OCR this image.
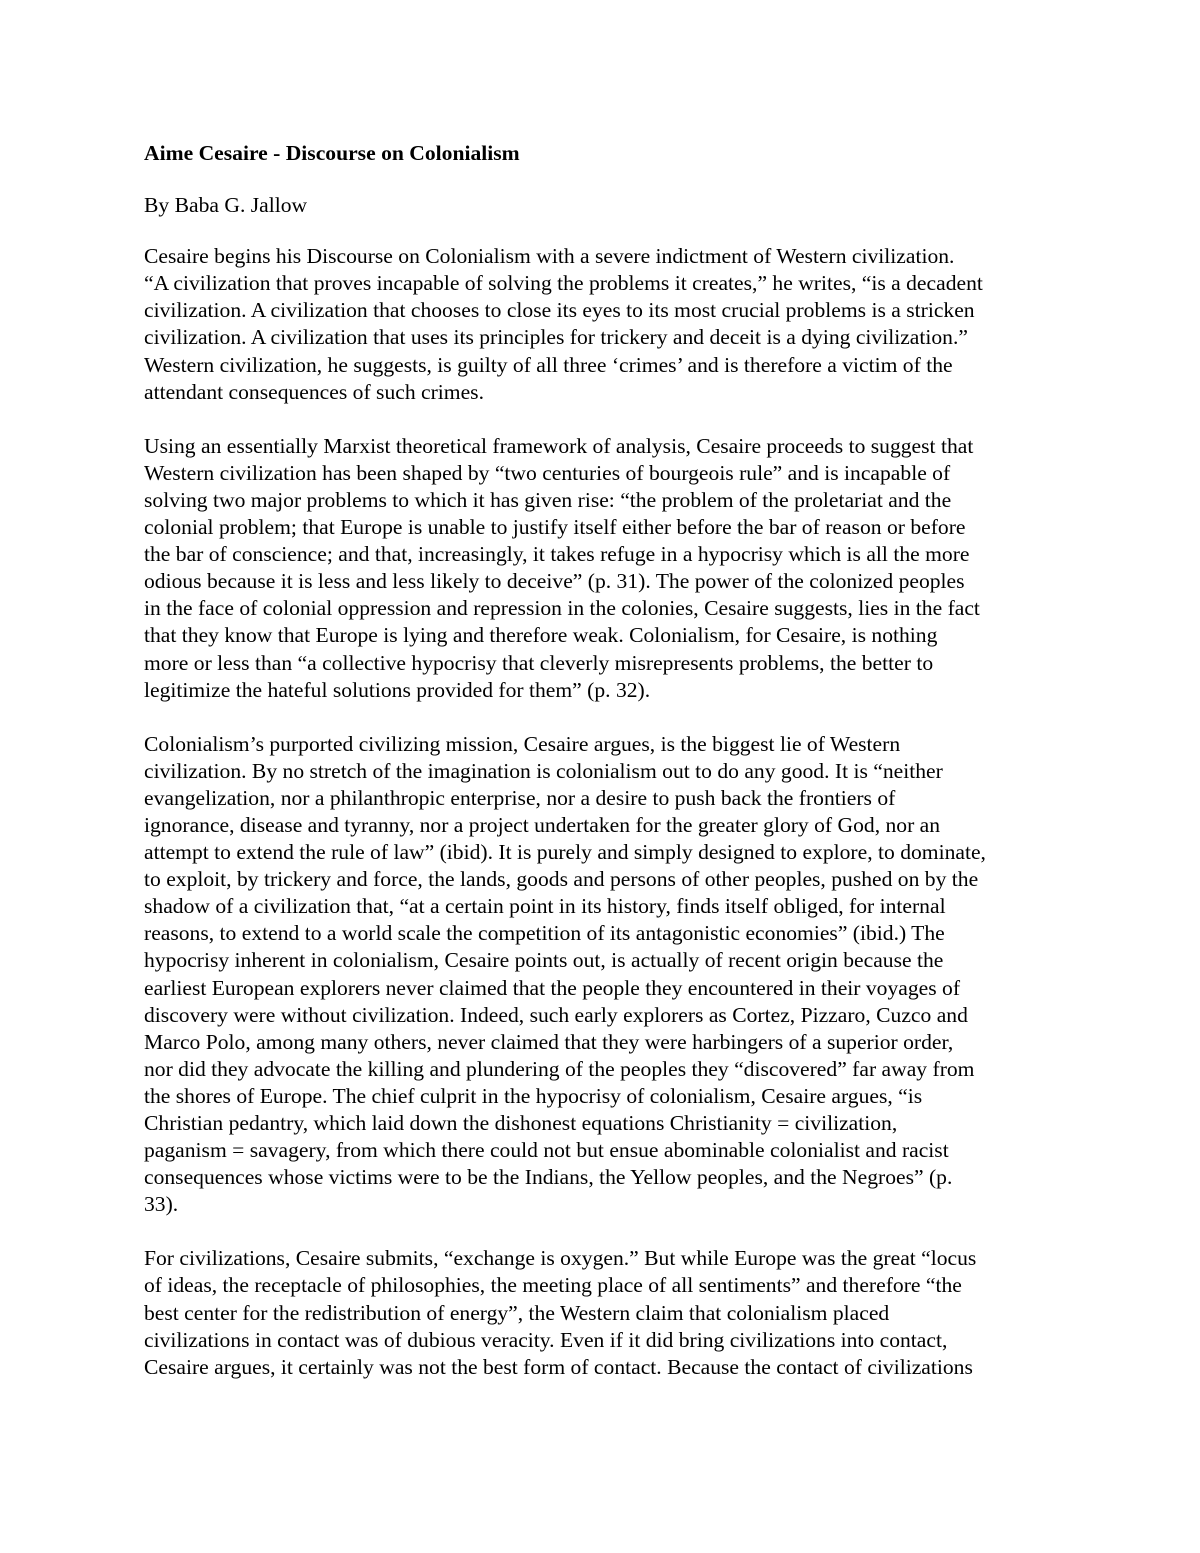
Aime Cesaire - Discourse on Colonialism
By Baba G. Jallow
Cesaire begins his Discourse on Colonialism with a severe indictment of Western civilization.
“A civilization that proves incapable of solving the problems it creates,” he writes, “is a decadent
civilization. A civilization that chooses to close its eyes to its most crucial problems is a stricken
civilization. A civilization that uses its principles for trickery and deceit is a dying civilization.”
Western civilization, he suggests, is guilty of all three ‘crimes’ and is therefore a victim of the
attendant consequences of such crimes.
Using an essentially Marxist theoretical framework of analysis, Cesaire proceeds to suggest that
Western civilization has been shaped by “two centuries of bourgeois rule” and is incapable of
solving two major problems to which it has given rise: “the problem of the proletariat and the
colonial problem; that Europe is unable to justify itself either before the bar of reason or before
the bar of conscience; and that, increasingly, it takes refuge in a hypocrisy which is all the more
odious because it is less and less likely to deceive” (p. 31). The power of the colonized peoples
in the face of colonial oppression and repression in the colonies, Cesaire suggests, lies in the fact
that they know that Europe is lying and therefore weak. Colonialism, for Cesaire, is nothing
more or less than “a collective hypocrisy that cleverly misrepresents problems, the better to
legitimize the hateful solutions provided for them” (p. 32).
Colonialism’s purported civilizing mission, Cesaire argues, is the biggest lie of Western
civilization. By no stretch of the imagination is colonialism out to do any good. It is “neither
evangelization, nor a philanthropic enterprise, nor a desire to push back the frontiers of
ignorance, disease and tyranny, nor a project undertaken for the greater glory of God, nor an
attempt to extend the rule of law” (ibid). It is purely and simply designed to explore, to dominate,
to exploit, by trickery and force, the lands, goods and persons of other peoples, pushed on by the
shadow of a civilization that, “at a certain point in its history, finds itself obliged, for internal
reasons, to extend to a world scale the competition of its antagonistic economies” (ibid.) The
hypocrisy inherent in colonialism, Cesaire points out, is actually of recent origin because the
earliest European explorers never claimed that the people they encountered in their voyages of
discovery were without civilization. Indeed, such early explorers as Cortez, Pizzaro, Cuzco and
Marco Polo, among many others, never claimed that they were harbingers of a superior order,
nor did they advocate the killing and plundering of the peoples they “discovered” far away from
the shores of Europe. The chief culprit in the hypocrisy of colonialism, Cesaire argues, “is
Christian pedantry, which laid down the dishonest equations Christianity = civilization,
paganism = savagery, from which there could not but ensue abominable colonialist and racist
consequences whose victims were to be the Indians, the Yellow peoples, and the Negroes” (p.
33).
For civilizations, Cesaire submits, “exchange is oxygen.” But while Europe was the great “locus
of ideas, the receptacle of philosophies, the meeting place of all sentiments” and therefore “the
best center for the redistribution of energy”, the Western claim that colonialism placed
civilizations in contact was of dubious veracity. Even if it did bring civilizations into contact,
Cesaire argues, it certainly was not the best form of contact. Because the contact of civilizations
